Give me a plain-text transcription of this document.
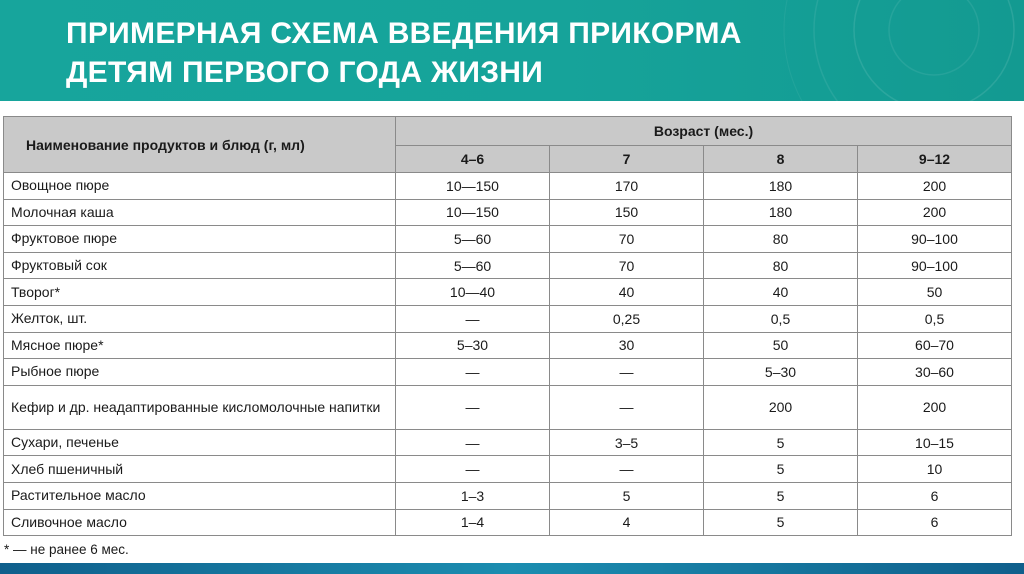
ПРИМЕРНАЯ СХЕМА ВВЕДЕНИЯ ПРИКОРМА
ДЕТЯМ ПЕРВОГО ГОДА ЖИЗНИ
Наименование продуктов и блюд (г, мл)	Возраст (мес.)			
	4–6	7	8	9–12
Овощное пюре	10—150	170	180	200
Молочная каша	10—150	150	180	200
Фруктовое пюре	5—60	70	80	90–100
Фруктовый сок	5—60	70	80	90–100
Творог*	10—40	40	40	50
Желток, шт.	—	0,25	0,5	0,5
Мясное пюре*	5–30	30	50	60–70
Рыбное пюре	—	—	5–30	30–60
Кефир и др. неадаптированные кисломолочные напитки	—	—	200	200
Сухари, печенье	—	3–5	5	10–15
Хлеб пшеничный	—	—	5	10
Растительное масло	1–3	5	5	6
Сливочное масло	1–4	4	5	6
* — не ранее 6 мес.
